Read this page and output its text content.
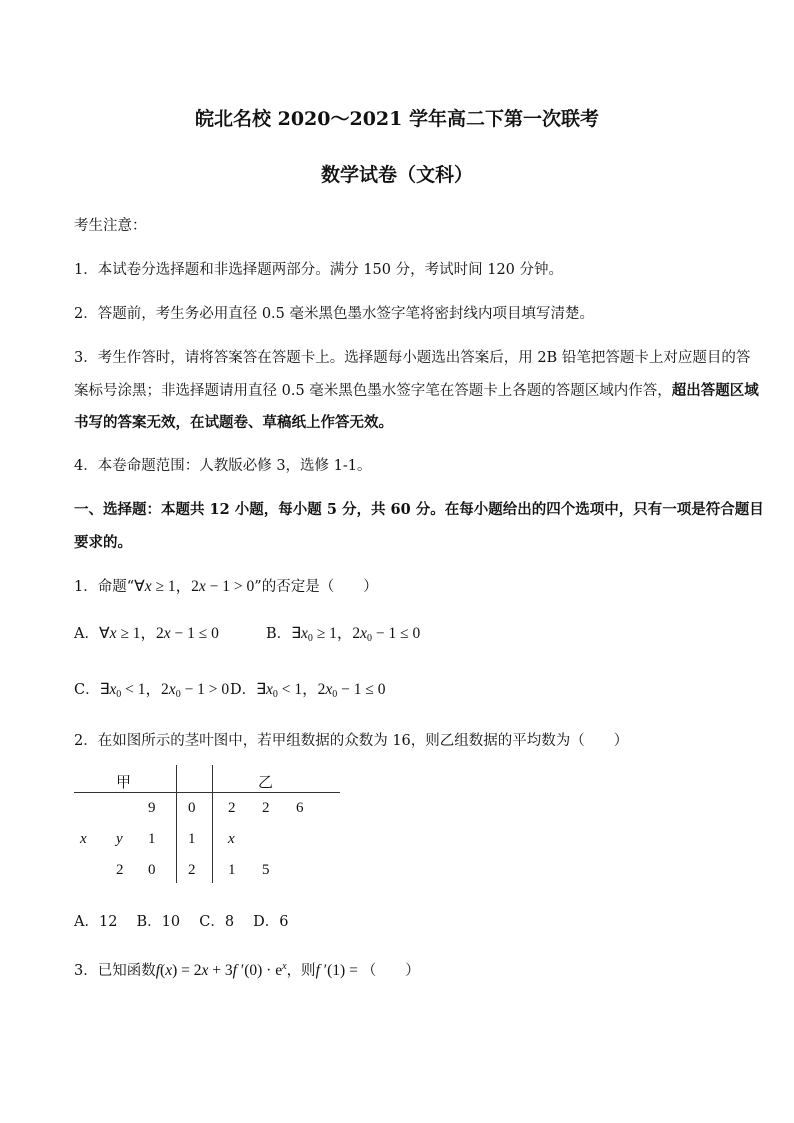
皖北名校 2020～2021 学年高二下第一次联考
数学试卷（文科）
考生注意：
1．本试卷分选择题和非选择题两部分。满分 150 分，考试时间 120 分钟。
2．答题前，考生务必用直径 0.5 毫米黑色墨水签字笔将密封线内项目填写清楚。
3．考生作答时，请将答案答在答题卡上。选择题每小题选出答案后，用 2B 铅笔把答题卡上对应题目的答
案标号涂黑；非选择题请用直径 0.5 毫米黑色墨水签字笔在答题卡上各题的答题区域内作答，超出答题区域
书写的答案无效，在试题卷、草稿纸上作答无效。
4．本卷命题范围：人教版必修 3，选修 1-1。
一、选择题：本题共 12 小题，每小题 5 分，共 60 分。在每小题给出的四个选项中，只有一项是符合题目
要求的。
1．命题“∀x ≥ 1，2x − 1 > 0”的否定是（　　）
A．∀x ≥ 1，2x − 1 ≤ 0	B．$\exists x_0 \ge 1$，$2x_0 - 1 \le 0$
C．$\exists x_0 < 1$，$2x_0 - 1 > 0$ D．$\exists x_0 < 1$，$2x_0 - 1 \le 0$
2．在如图所示的茎叶图中，若甲组数据的众数为 16，则乙组数据的平均数为（　　）
甲	乙
9 0 2 2 6
x y 1 1 x
2 0 2 1 5
A．12　 B．10　 C．8　 D．6
3．已知函数f(x) = 2x + 3f $'(0) \cdot e^x$，则f ′(1) = （　　）
